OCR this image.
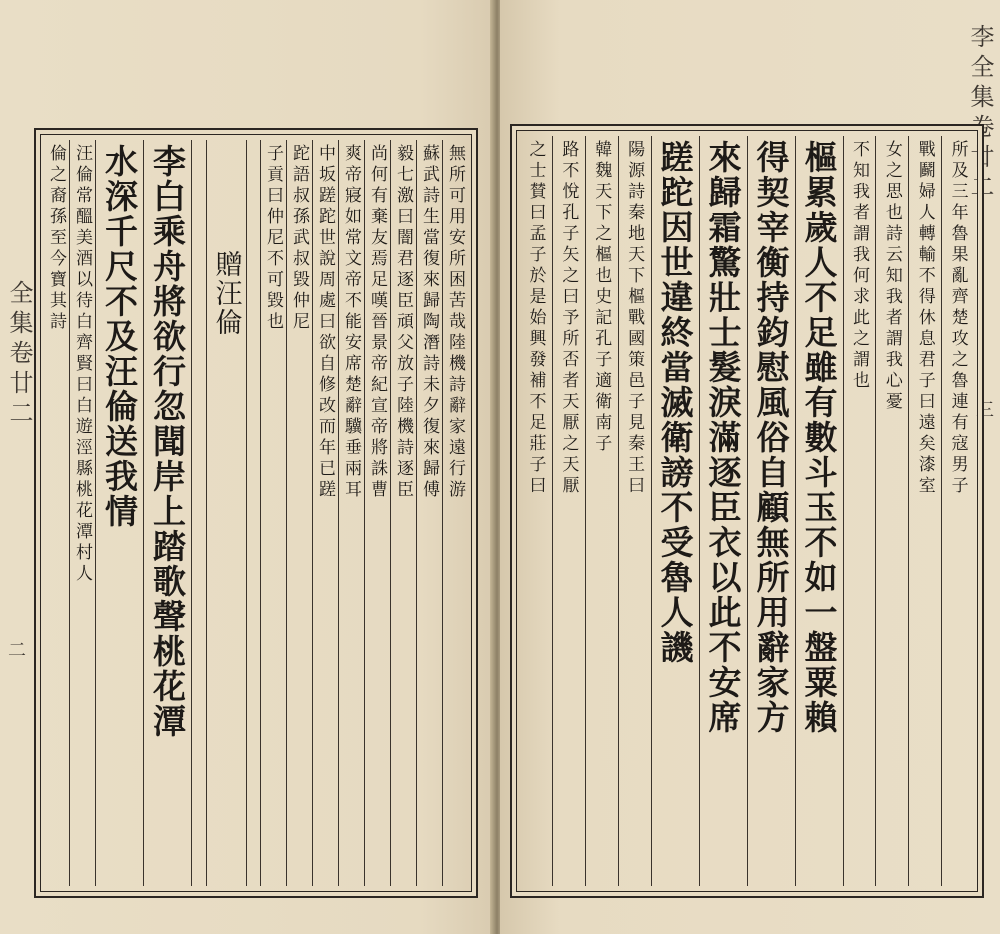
全集卷廿二
二
無所可用安所困苦哉陸機詩辭家遠行游
蘇武詩生當復來歸陶潛詩未夕復來歸傅
毅七激曰闇君逐臣頑父放子陸機詩逐臣
尚何有棄友焉足嘆晉景帝紀宣帝將誅曹
爽帝寢如常文帝不能安席楚辭驥垂兩耳
中坂蹉跎世說周處曰欲自修改而年已蹉
跎語叔孫武叔毀仲尼
子貢曰仲尼不可毀也
贈汪倫
李白乘舟將欲行忽聞岸上踏歌聲桃花潭
水深千尺不及汪倫送我情
汪倫常醞美酒以待白齊賢曰白遊涇縣桃花潭村人
倫之裔孫至今寶其詩
李全集卷廿二
三
所及三年魯果亂齊楚攻之魯連有寇男子
戰鬬婦人轉輸不得休息君子曰遠矣漆室
女之思也詩云知我者謂我心憂
不知我者謂我何求此之謂也
樞累歲人不足雖有數斗玉不如一盤粟賴
得契宰衡持鈞慰風俗自顧無所用辭家方
來歸霜驚壯士髮淚滿逐臣衣以此不安席
蹉跎因世違終當滅衛謗不受魯人譏
陽源詩秦地天下樞戰國策邑子見秦王曰
韓魏天下之樞也史記孔子適衛南子
路不悅孔子矢之曰予所否者天厭之天厭
之士賛曰孟子於是始興發補不足莊子曰
